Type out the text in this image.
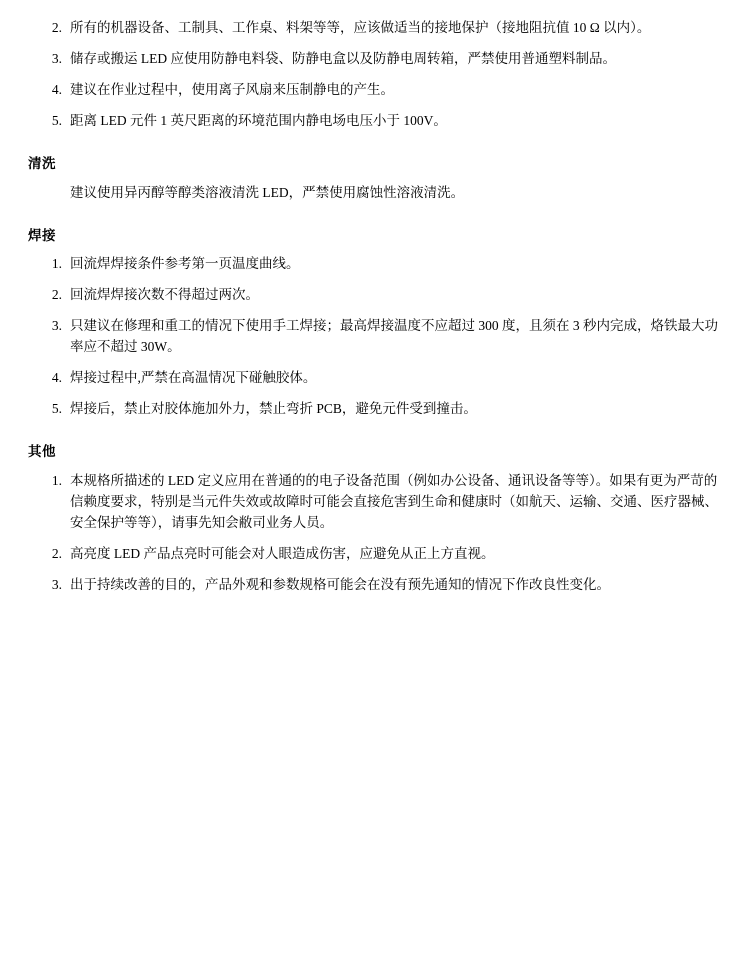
2. 所有的机器设备、工制具、工作桌、料架等等，应该做适当的接地保护（接地阻抗值 10 Ω 以内）。
3. 储存或搬运 LED 应使用防静电料袋、防静电盒以及防静电周转箱，严禁使用普通塑料制品。
4. 建议在作业过程中，使用离子风扇来压制静电的产生。
5. 距离 LED 元件 1 英尺距离的环境范围内静电场电压小于 100V。
清洗

建议使用异丙醇等醇类溶液清洗 LED，严禁使用腐蚀性溶液清洗。

焊接
1. 回流焊焊接条件参考第一页温度曲线。
2. 回流焊焊接次数不得超过两次。
3. 只建议在修理和重工的情况下使用手工焊接；最高焊接温度不应超过 300 度，且须在 3 秒内完成，烙铁最大功率应不超过 30W。
4. 焊接过程中,严禁在高温情况下碰触胶体。
5. 焊接后，禁止对胶体施加外力，禁止弯折 PCB，避免元件受到撞击。
其他
1. 本规格所描述的 LED 定义应用在普通的的电子设备范围（例如办公设备、通讯设备等等）。如果有更为严苛的信赖度要求，特别是当元件失效或故障时可能会直接危害到生命和健康时（如航天、运输、交通、医疗器械、安全保护等等），请事先知会敝司业务人员。
2. 高亮度 LED 产品点亮时可能会对人眼造成伤害，应避免从正上方直视。
3. 出于持续改善的目的，产品外观和参数规格可能会在没有预先通知的情况下作改良性变化。
